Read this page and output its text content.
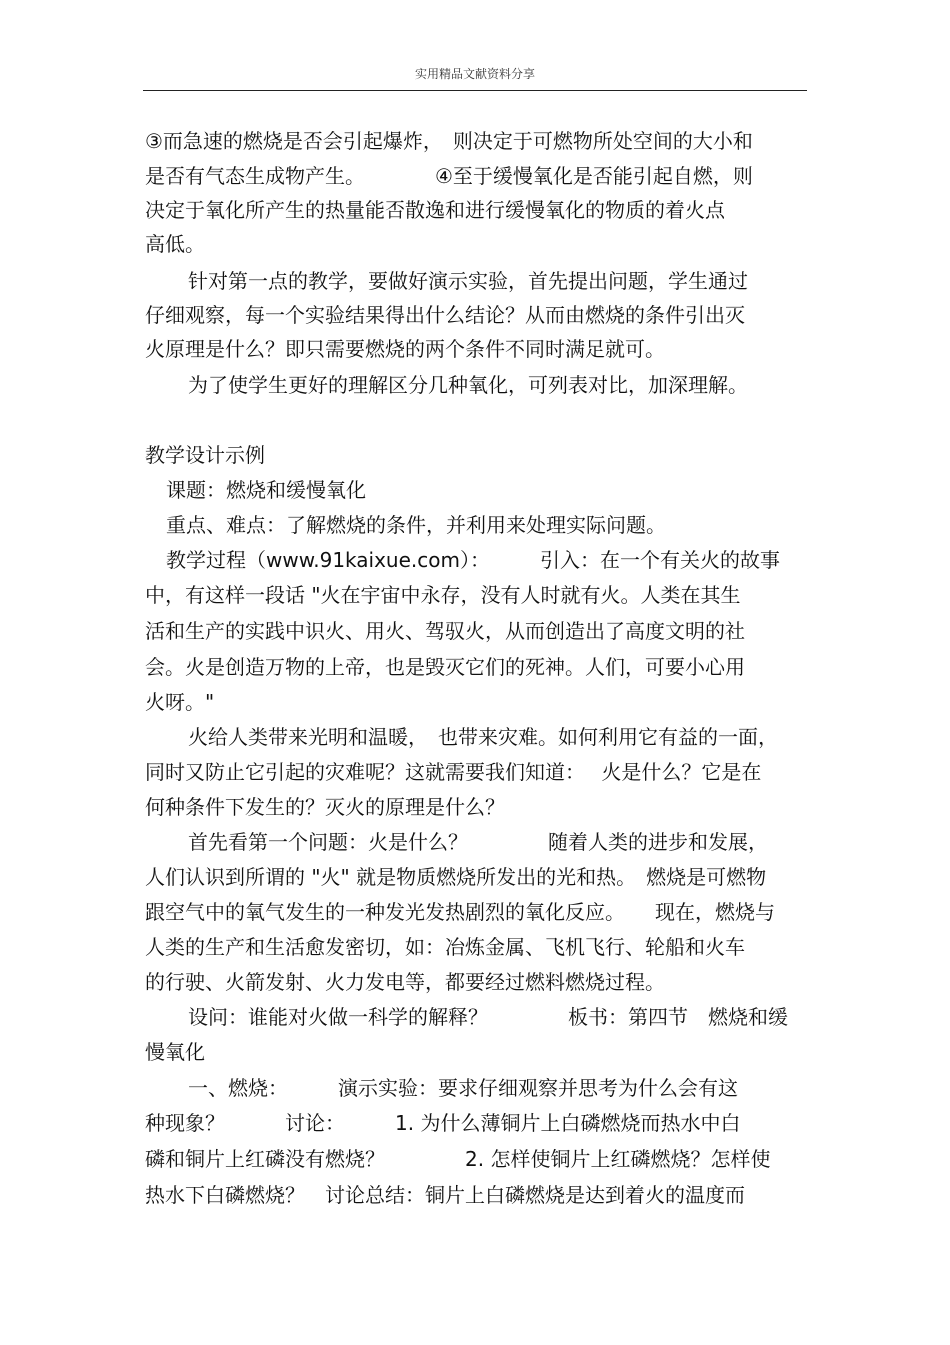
实用精品文献资料分享
③而急速的燃烧是否会引起爆炸，　则决定于可燃物所处空间的大小和
是否有气态生成物产生。　　　　④至于缓慢氧化是否能引起自燃，则
决定于氧化所产生的热量能否散逸和进行缓慢氧化的物质的着火点
高低。
针对第一点的教学，要做好演示实验，首先提出问题，学生通过
仔细观察，每一个实验结果得出什么结论？从而由燃烧的条件引出灭
火原理是什么？即只需要燃烧的两个条件不同时满足就可。
为了使学生更好的理解区分几种氧化，可列表对比，加深理解。
教学设计示例
课题：燃烧和缓慢氧化
重点、难点：了解燃烧的条件，并利用来处理实际问题。
教学过程（www.91kaixue.com）：　　　引入：在一个有关火的故事
中，有这样一段话 "火在宇宙中永存，没有人时就有火。人类在其生
活和生产的实践中识火、用火、驾驭火，从而创造出了高度文明的社
会。火是创造万物的上帝，也是毁灭它们的死神。人们，可要小心用
火呀。"
火给人类带来光明和温暖，　也带来灾难。如何利用它有益的一面，
同时又防止它引起的灾难呢？这就需要我们知道：　 火是什么？它是在
何种条件下发生的？灭火的原理是什么？
首先看第一个问题：火是什么？　　　　随着人类的进步和发展，
人们认识到所谓的 "火" 就是物质燃烧所发出的光和热。　燃烧是可燃物
跟空气中的氧气发生的一种发光发热剧烈的氧化反应。　　现在，燃烧与
人类的生产和生活愈发密切，如：冶炼金属、飞机飞行、轮船和火车
的行驶、火箭发射、火力发电等，都要经过燃料燃烧过程。
设问：谁能对火做一科学的解释？　　　　板书：第四节　燃烧和缓
慢氧化
一、燃烧：　　　演示实验：要求仔细观察并思考为什么会有这
种现象？　　　讨论：　　　1. 为什么薄铜片上白磷燃烧而热水中白
磷和铜片上红磷没有燃烧？　　　　2. 怎样使铜片上红磷燃烧？怎样使
热水下白磷燃烧？　讨论总结：铜片上白磷燃烧是达到着火的温度而
